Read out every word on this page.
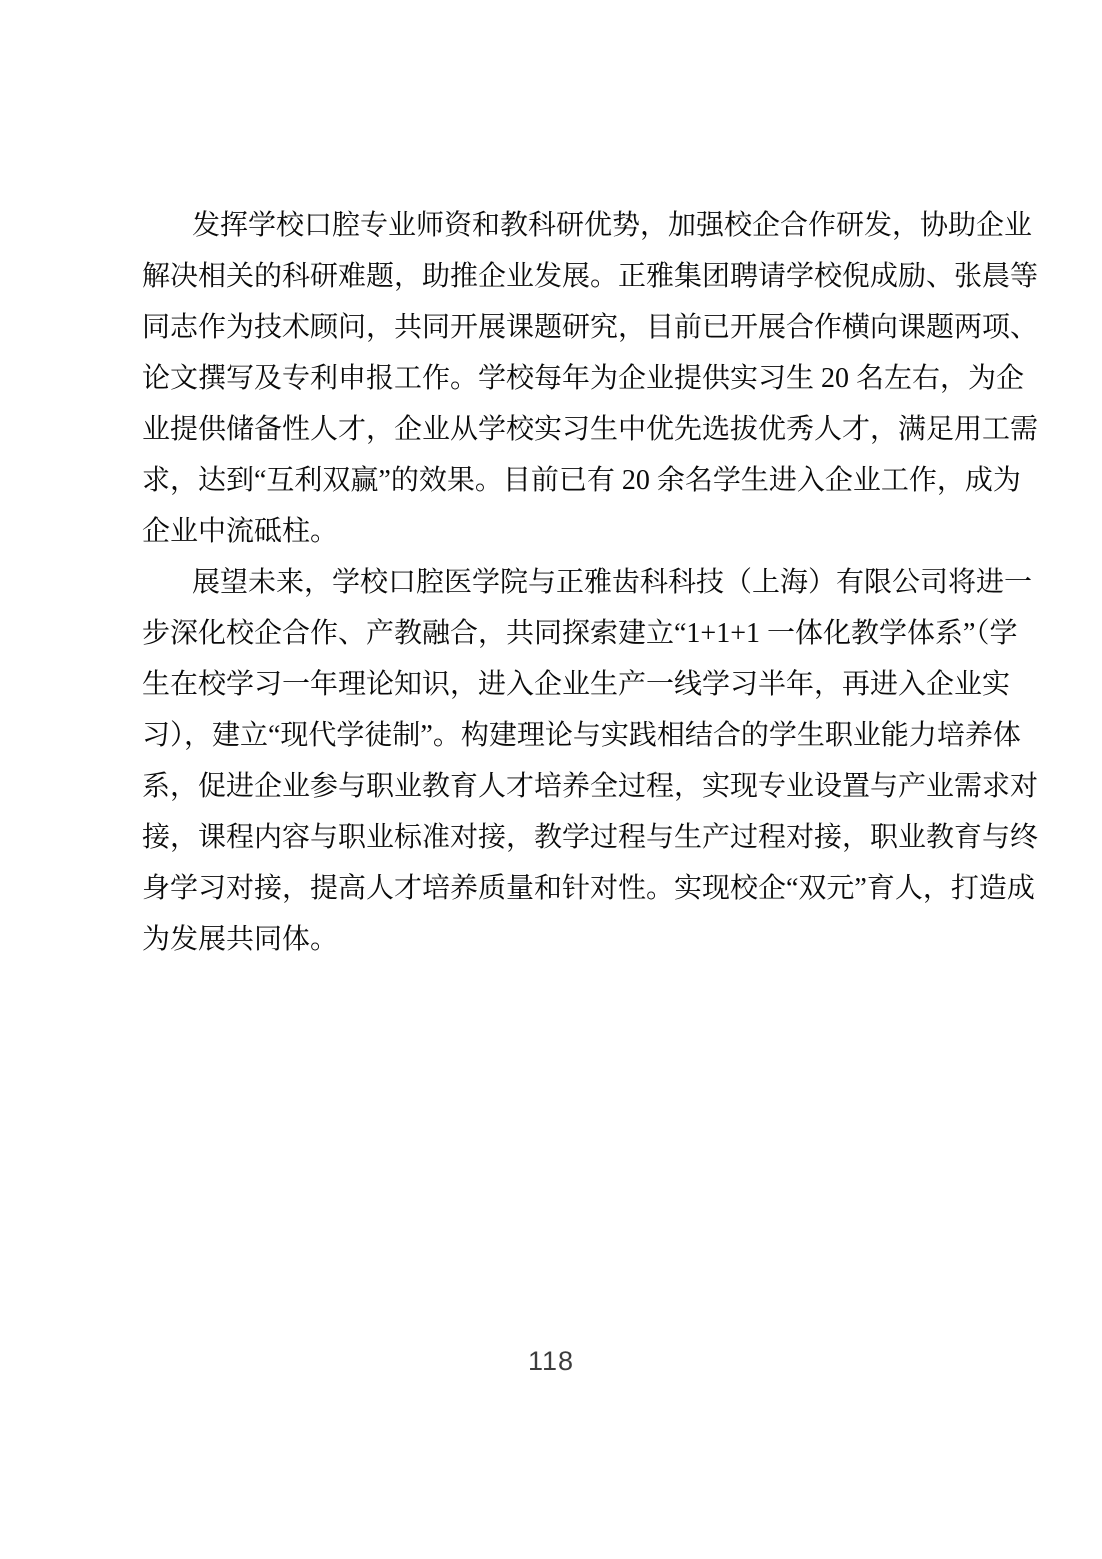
发挥学校口腔专业师资和教科研优势，加强校企合作研发，协助企业
解决相关的科研难题，助推企业发展。正雅集团聘请学校倪成励、张晨等
同志作为技术顾问，共同开展课题研究，目前已开展合作横向课题两项、
论文撰写及专利申报工作。学校每年为企业提供实习生 20 名左右，为企
业提供储备性人才，企业从学校实习生中优先选拔优秀人才，满足用工需
求，达到“互利双赢”的效果。目前已有 20 余名学生进入企业工作，成为
企业中流砥柱。
展望未来，学校口腔医学院与正雅齿科科技（上海）有限公司将进一
步深化校企合作、产教融合，共同探索建立“1+1+1 一体化教学体系”（学
生在校学习一年理论知识，进入企业生产一线学习半年，再进入企业实
习），建立“现代学徒制”。构建理论与实践相结合的学生职业能力培养体
系，促进企业参与职业教育人才培养全过程，实现专业设置与产业需求对
接，课程内容与职业标准对接，教学过程与生产过程对接，职业教育与终
身学习对接，提高人才培养质量和针对性。实现校企“双元”育人，打造成
为发展共同体。
118
